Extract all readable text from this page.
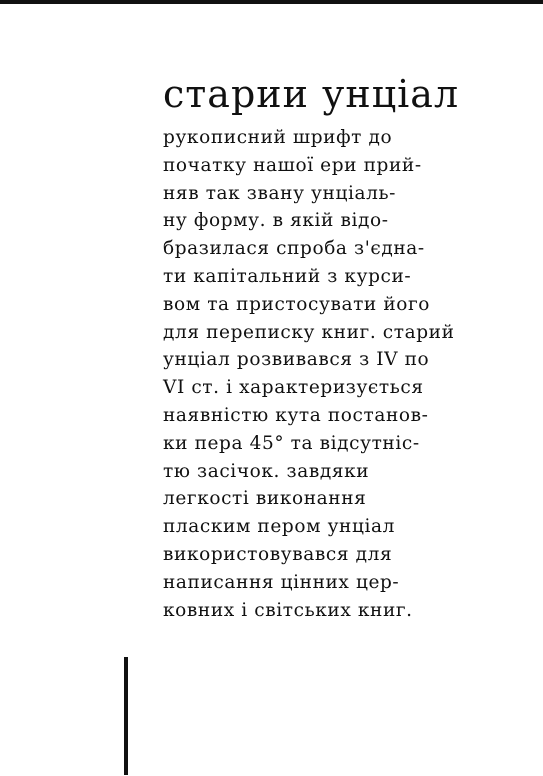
старии унціал
рукописний шрифт до
початку нашої ери прий-
няв так звану унціаль-
ну форму. в якій відо-
бразилася спроба з'єдна-
ти капітальний з курси-
вом та пристосувати його
для переписку книг. старий
унціал розвивався з IV по
VI ст. і характеризується
наявністю кута постанов-
ки пера 45° та відсутніс-
тю засічок. завдяки
легкості виконання
пласким пером унціал
використовувався для
написання цінних цер-
ковних і світських книг.
